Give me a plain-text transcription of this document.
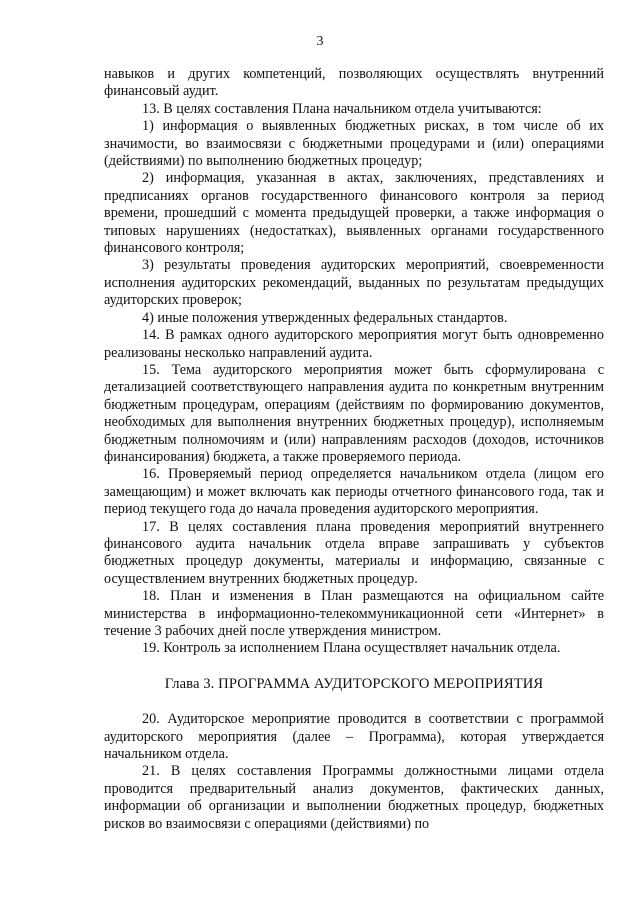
3

навыков и других компетенций, позволяющих осуществлять внутренний финансовый аудит.

13. В целях составления Плана начальником отдела учитываются:

1) информация о выявленных бюджетных рисках, в том числе об их значимости, во взаимосвязи с бюджетными процедурами и (или) операциями (действиями) по выполнению бюджетных процедур;

2) информация, указанная в актах, заключениях, представлениях и предписаниях органов государственного финансового контроля за период времени, прошедший с момента предыдущей проверки, а также информация о типовых нарушениях (недостатках), выявленных органами государственного финансового контроля;

3) результаты проведения аудиторских мероприятий, своевременности исполнения аудиторских рекомендаций, выданных по результатам предыдущих аудиторских проверок;

4) иные положения утвержденных федеральных стандартов.

14. В рамках одного аудиторского мероприятия могут быть одновременно реализованы несколько направлений аудита.

15. Тема аудиторского мероприятия может быть сформулирована с детализацией соответствующего направления аудита по конкретным внутренним бюджетным процедурам, операциям (действиям по формированию документов, необходимых для выполнения внутренних бюджетных процедур), исполняемым бюджетным полномочиям и (или) направлениям расходов (доходов, источников финансирования) бюджета, а также проверяемого периода.

16. Проверяемый период определяется начальником отдела (лицом его замещающим) и может включать как периоды отчетного финансового года, так и период текущего года до начала проведения аудиторского мероприятия.

17. В целях составления плана проведения мероприятий внутреннего финансового аудита начальник отдела вправе запрашивать у субъектов бюджетных процедур документы, материалы и информацию, связанные с осуществлением внутренних бюджетных процедур.

18. План и изменения в План размещаются на официальном сайте министерства в информационно-телекоммуникационной сети «Интернет» в течение 3 рабочих дней после утверждения министром.

19. Контроль за исполнением Плана осуществляет начальник отдела.

Глава 3. ПРОГРАММА АУДИТОРСКОГО МЕРОПРИЯТИЯ

20. Аудиторское мероприятие проводится в соответствии с программой аудиторского мероприятия (далее – Программа), которая утверждается начальником отдела.

21. В целях составления Программы должностными лицами отдела проводится предварительный анализ документов, фактических данных, информации об организации и выполнении бюджетных процедур, бюджетных рисков во взаимосвязи с операциями (действиями) по
